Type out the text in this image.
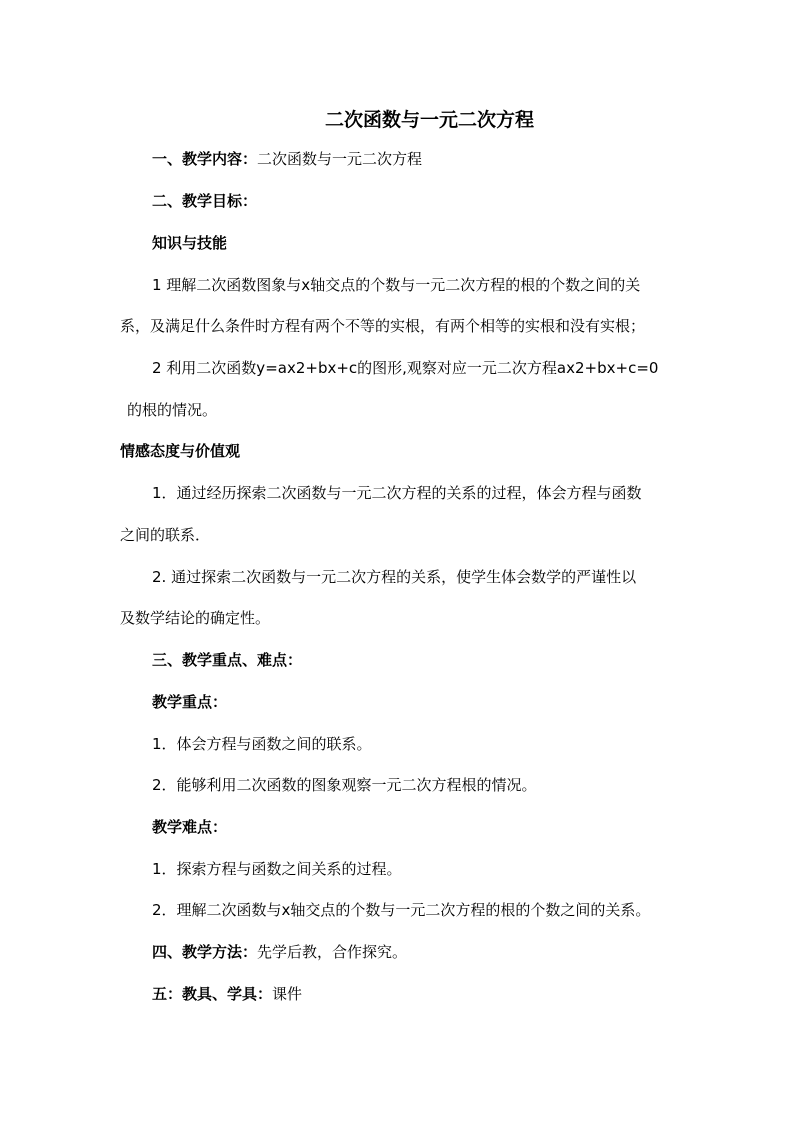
二次函数与一元二次方程
一、教学内容：二次函数与一元二次方程
二、教学目标：
知识与技能
1 理解二次函数图象与x轴交点的个数与一元二次方程的根的个数之间的关
系，及满足什么条件时方程有两个不等的实根，有两个相等的实根和没有实根；
2 利用二次函数y=ax2+bx+c的图形,观察对应一元二次方程ax2+bx+c=0
的根的情况。
情感态度与价值观
1．通过经历探索二次函数与一元二次方程的关系的过程，体会方程与函数
之间的联系．
2. 通过探索二次函数与一元二次方程的关系，使学生体会数学的严谨性以
及数学结论的确定性。
三、教学重点、难点：
教学重点：
1．体会方程与函数之间的联系。
2．能够利用二次函数的图象观察一元二次方程根的情况。
教学难点：
1．探索方程与函数之间关系的过程。
2．理解二次函数与x轴交点的个数与一元二次方程的根的个数之间的关系。
四、教学方法：先学后教，合作探究。
五：教具、学具：课件
